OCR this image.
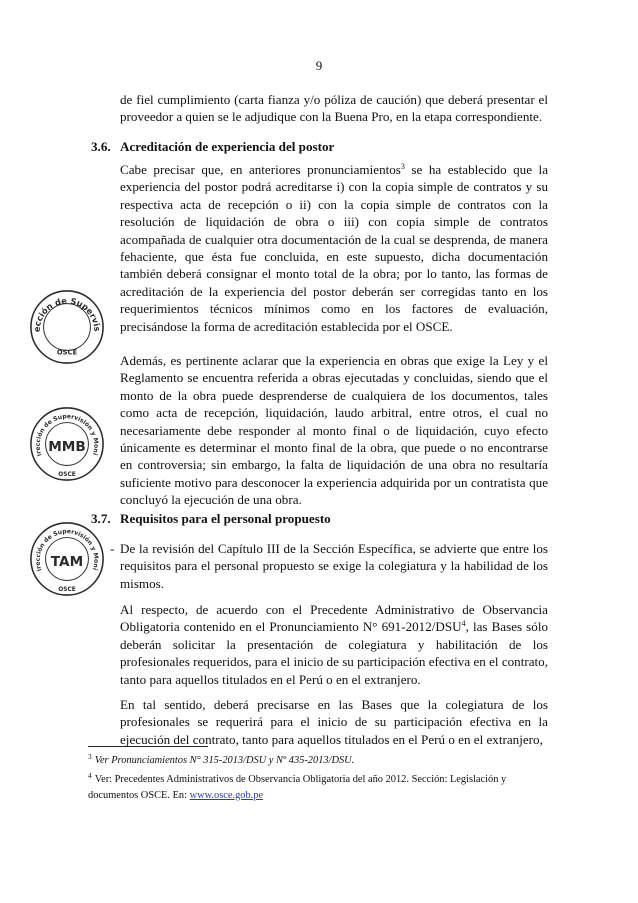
9
de fiel cumplimiento (carta fianza y/o póliza de caución) que deberá presentar el proveedor a quien se le adjudique con la Buena Pro, en la etapa correspondiente.
3.6. Acreditación de experiencia del postor
Cabe precisar que, en anteriores pronunciamientos$^3$ se ha establecido que la experiencia del postor podrá acreditarse i) con la copia simple de contratos y su respectiva acta de recepción o ii) con la copia simple de contratos con la resolución de liquidación de obra o iii) con copia simple de contratos acompañada de cualquier otra documentación de la cual se desprenda, de manera fehaciente, que ésta fue concluida, en este supuesto, dicha documentación también deberá consignar el monto total de la obra; por lo tanto, las formas de acreditación de la experiencia del postor deberán ser corregidas tanto en los requerimientos técnicos mínimos como en los factores de evaluación, precisándose la forma de acreditación establecida por el OSCE.
Además, es pertinente aclarar que la experiencia en obras que exige la Ley y el Reglamento se encuentra referida a obras ejecutadas y concluidas, siendo que el monto de la obra puede desprenderse de cualquiera de los documentos, tales como acta de recepción, liquidación, laudo arbitral, entre otros, el cual no necesariamente debe responder al monto final o de liquidación, cuyo efecto únicamente es determinar el monto final de la obra, que puede o no encontrarse en controversia; sin embargo, la falta de liquidación de una obra no resultaría suficiente motivo para desconocer la experiencia adquirida por un contratista que concluyó la ejecución de una obra.
3.7. Requisitos para el personal propuesto
- De la revisión del Capítulo III de la Sección Específica, se advierte que entre los requisitos para el personal propuesto se exige la colegiatura y la habilidad de los mismos.
Al respecto, de acuerdo con el Precedente Administrativo de Observancia Obligatoria contenido en el Pronunciamiento N° 691-2012/DSU$^4$, las Bases sólo deberán solicitar la presentación de colegiatura y habilitación de los profesionales requeridos, para el inicio de su participación efectiva en el contrato, tanto para aquellos titulados en el Perú o en el extranjero.
En tal sentido, deberá precisarse en las Bases que la colegiatura de los profesionales se requerirá para el inicio de su participación efectiva en la ejecución del contrato, tanto para aquellos titulados en el Perú o en el extranjero,
$^3$ Ver Pronunciamientos N° 315-2013/DSU y Nº 435-2013/DSU.
$^4$ Ver: Precedentes Administrativos de Observancia Obligatoria del año 2012. Sección: Legislación y documentos OSCE. En: www.osce.gob.pe
Dirección de Supervisión
OSCE
Subdirección de Supervisión y Monitoreo
MMB
OSCE
Subdirección de Supervisión y Monitoreo
TAM
OSCE
